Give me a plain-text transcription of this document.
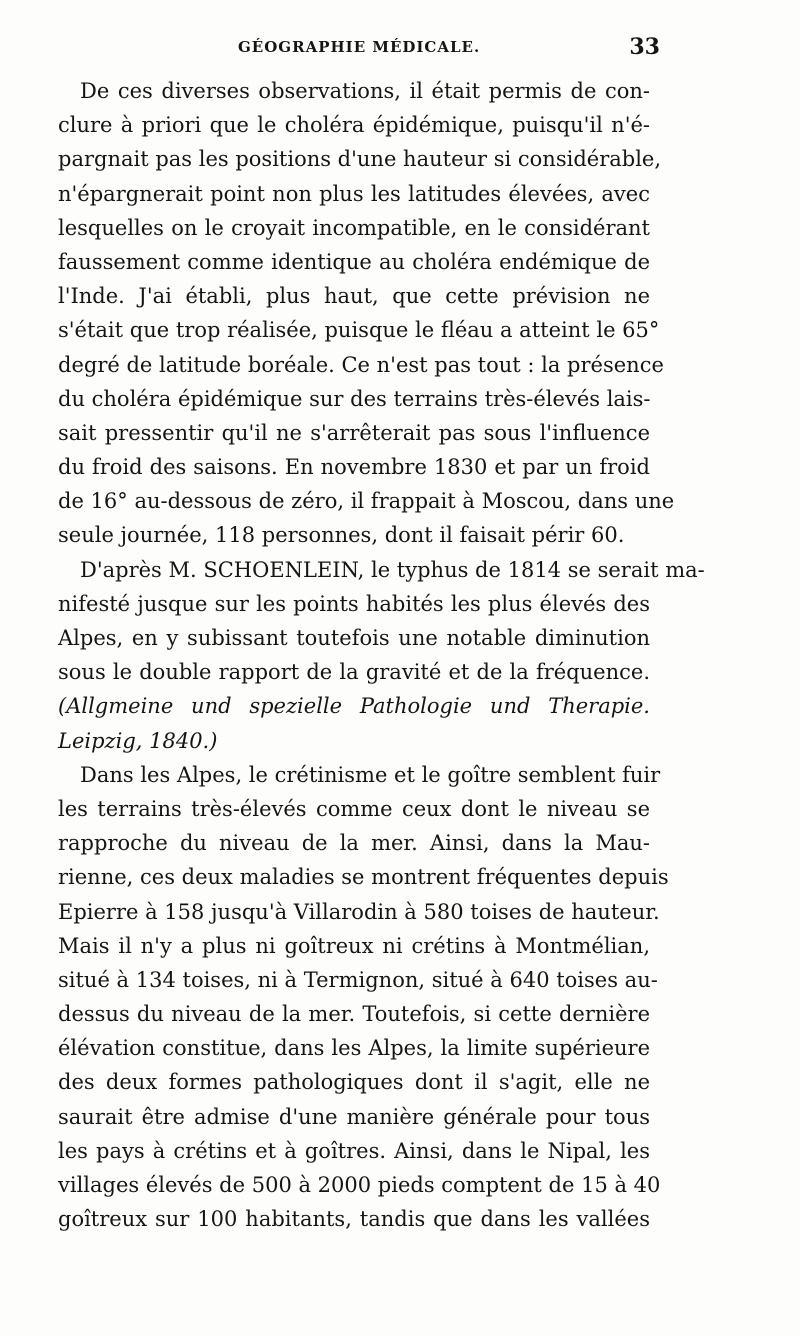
GÉOGRAPHIE MÉDICALE.	33
De ces diverses observations, il était permis de con-
clure à priori que le choléra épidémique, puisqu'il n'é-
pargnait pas les positions d'une hauteur si considérable,
n'épargnerait point non plus les latitudes élevées, avec
lesquelles on le croyait incompatible, en le considérant
faussement comme identique au choléra endémique de
l'Inde. J'ai établi, plus haut, que cette prévision ne
s'était que trop réalisée, puisque le fléau a atteint le 65°
degré de latitude boréale. Ce n'est pas tout : la présence
du choléra épidémique sur des terrains très-élevés lais-
sait pressentir qu'il ne s'arrêterait pas sous l'influence
du froid des saisons. En novembre 1830 et par un froid
de 16° au-dessous de zéro, il frappait à Moscou, dans une
seule journée, 118 personnes, dont il faisait périr 60.
D'après M. SCHOENLEIN, le typhus de 1814 se serait ma-
nifesté jusque sur les points habités les plus élevés des
Alpes, en y subissant toutefois une notable diminution
sous le double rapport de la gravité et de la fréquence.
(Allgmeine und spezielle Pathologie und Therapie.
Leipzig, 1840.)
Dans les Alpes, le crétinisme et le goître semblent fuir
les terrains très-élevés comme ceux dont le niveau se
rapproche du niveau de la mer. Ainsi, dans la Mau-
rienne, ces deux maladies se montrent fréquentes depuis
Epierre à 158 jusqu'à Villarodin à 580 toises de hauteur.
Mais il n'y a plus ni goîtreux ni crétins à Montmélian,
situé à 134 toises, ni à Termignon, situé à 640 toises au-
dessus du niveau de la mer. Toutefois, si cette dernière
élévation constitue, dans les Alpes, la limite supérieure
des deux formes pathologiques dont il s'agit, elle ne
saurait être admise d'une manière générale pour tous
les pays à crétins et à goîtres. Ainsi, dans le Nipal, les
villages élevés de 500 à 2000 pieds comptent de 15 à 40
goîtreux sur 100 habitants, tandis que dans les vallées
